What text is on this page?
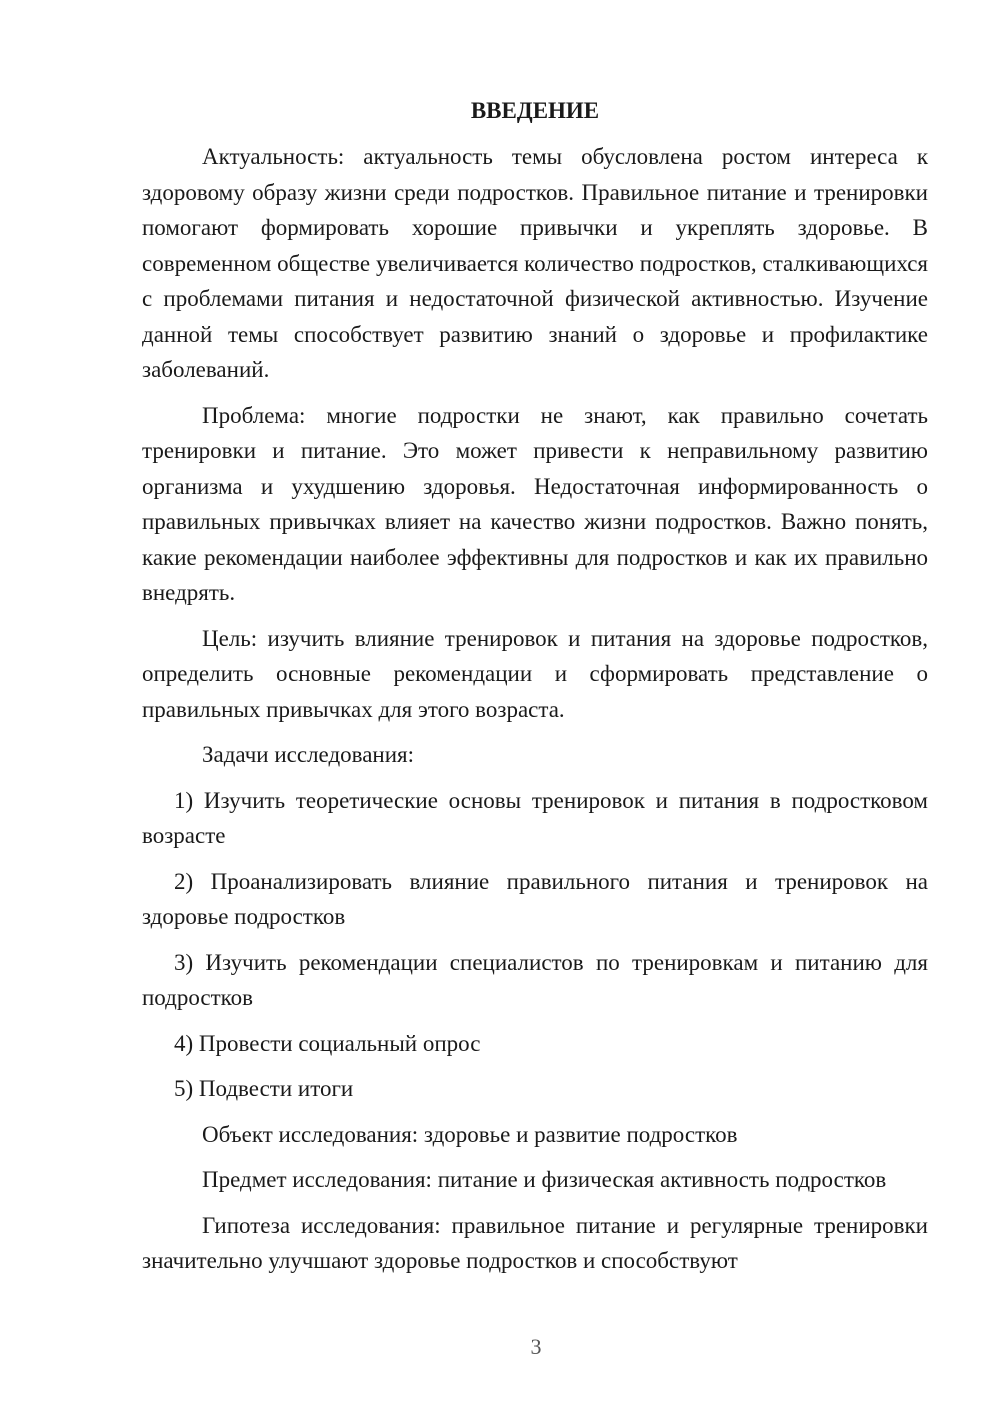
ВВЕДЕНИЕ

Актуальность: актуальность темы обусловлена ростом интереса к здоровому образу жизни среди подростков. Правильное питание и тренировки помогают формировать хорошие привычки и укреплять здоровье. В современном обществе увеличивается количество подростков, сталкивающихся с проблемами питания и недостаточной физической активностью. Изучение данной темы способствует развитию знаний о здоровье и профилактике заболеваний.

Проблема: многие подростки не знают, как правильно сочетать тренировки и питание. Это может привести к неправильному развитию организма и ухудшению здоровья. Недостаточная информированность о правильных привычках влияет на качество жизни подростков. Важно понять, какие рекомендации наиболее эффективны для подростков и как их правильно внедрять.

Цель: изучить влияние тренировок и питания на здоровье подростков, определить основные рекомендации и сформировать представление о правильных привычках для этого возраста.

Задачи исследования:

1) Изучить теоретические основы тренировок и питания в подростковом возрасте

2) Проанализировать влияние правильного питания и тренировок на здоровье подростков

3) Изучить рекомендации специалистов по тренировкам и питанию для подростков

4) Провести социальный опрос

5) Подвести итоги

Объект исследования: здоровье и развитие подростков

Предмет исследования: питание и физическая активность подростков

Гипотеза исследования: правильное питание и регулярные тренировки значительно улучшают здоровье подростков и способствуют

3
